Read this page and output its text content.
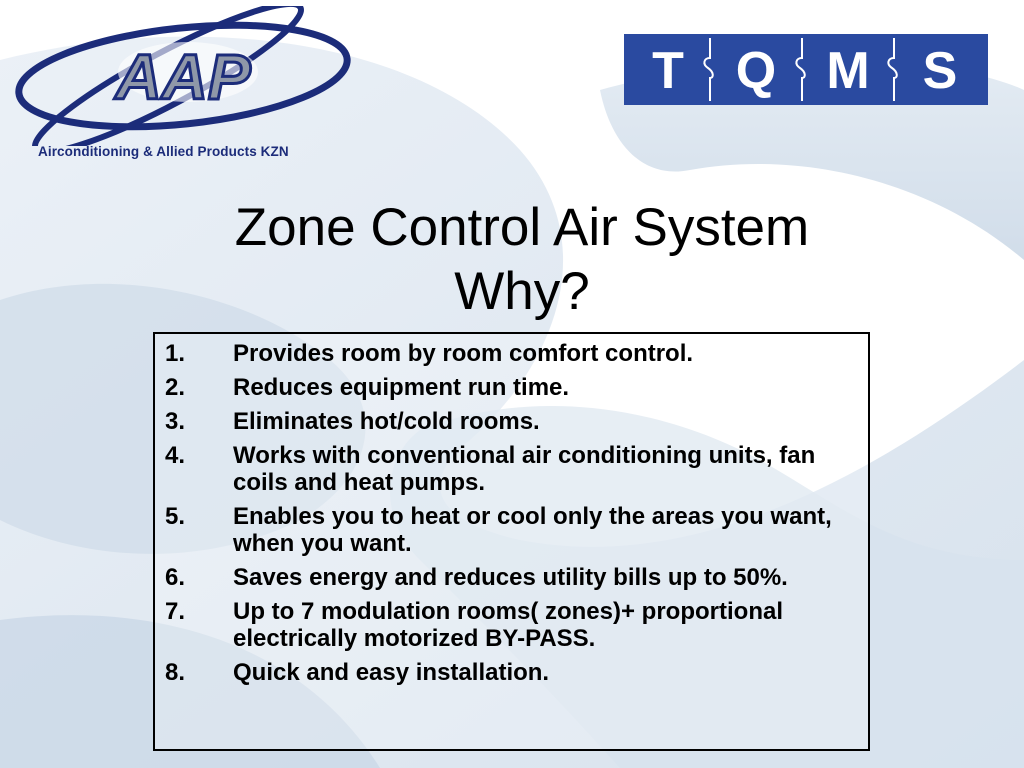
AAP
Airconditioning & Allied Products KZN
T Q M S
Zone Control Air System
Why?
1.	Provides room by room comfort control.
2.	Reduces equipment run time.
3.	Eliminates hot/cold rooms.
4.	Works with conventional air conditioning units, fan coils and heat pumps.
5.	Enables you to heat or cool only the areas you want, when you want.
6.	Saves energy and reduces utility bills up to 50%.
7.	Up to 7 modulation rooms( zones)+ proportional electrically motorized BY-PASS.
8.	Quick and easy installation.
